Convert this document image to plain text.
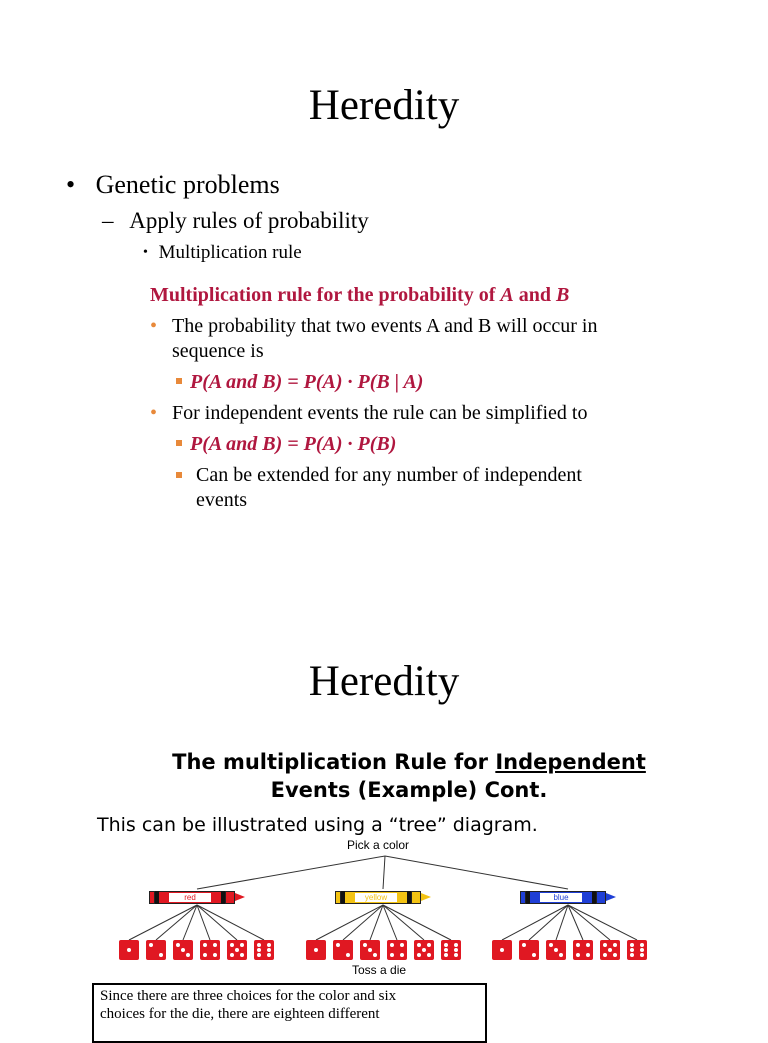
Heredity
• Genetic problems
– Apply rules of probability
• Multiplication rule
Multiplication rule for the probability of A and B
• The probability that two events A and B will occur in
sequence is
P(A and B) = P(A) · P(B | A)
• For independent events the rule can be simplified to
P(A and B) = P(A) · P(B)
Can be extended for any number of independent
events
Heredity
The multiplication Rule for Independent
Events (Example) Cont.
This can be illustrated using a “tree” diagram.
Pick a color
red	yellow	blue
Toss a die
Since there are three choices for the color and six
choices for the die, there are eighteen different
